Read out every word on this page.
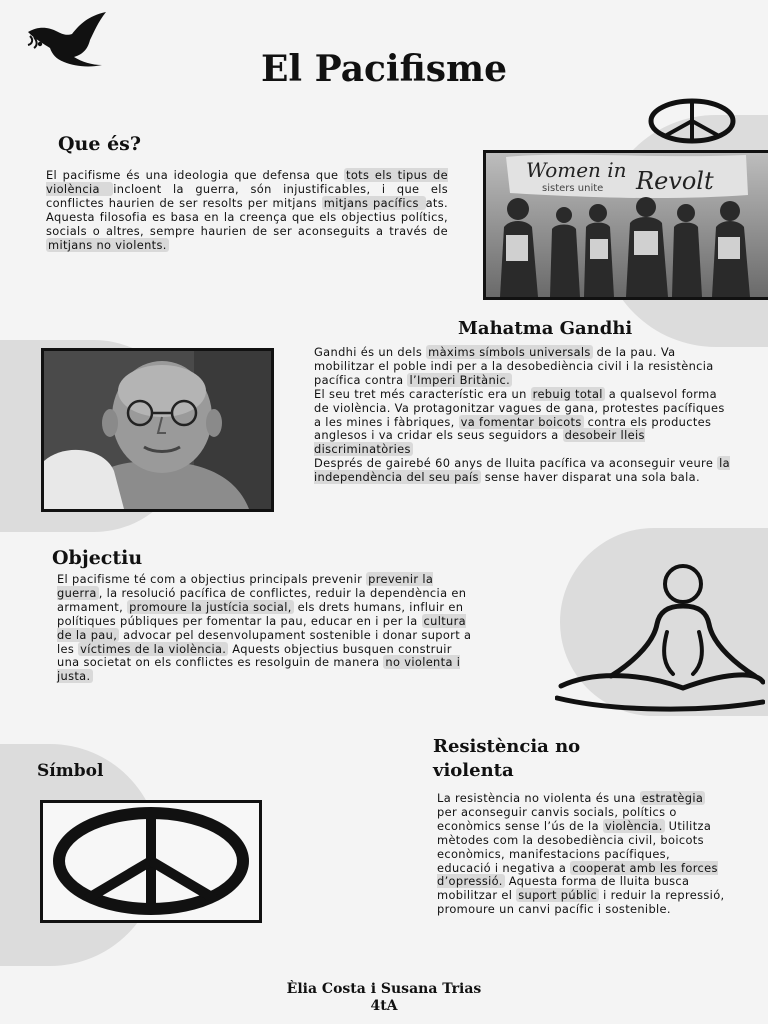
El Pacifisme
Que és?

El pacifisme és una ideologia que defensa que tots els tipus de violència incloent la guerra, són injustificables, i que els conflictes haurien de ser resolts per mitjans mitjans pacífics ats. Aquesta filosofia es basa en la creença que els objectius polítics, socials o altres, sempre haurien de ser aconseguits a través de mitjans no violents.

Women in Revolt
sisters unite
Mahatma Gandhi

Gandhi és un dels màxims símbols universals de la pau. Va mobilitzar el poble indi per a la desobediència civil i la resistència pacífica contra l’Imperi Britànic.

El seu tret més característic era un rebuig total a qualsevol forma de violència. Va protagonitzar vagues de gana, protestes pacífiques a les mines i fàbriques, va fomentar boicots contra els productes anglesos i va cridar els seus seguidors a desobeir lleis discriminatòries

Després de gairebé 60 anys de lluita pacífica va aconseguir veure la independència del seu país sense haver disparat una sola bala.

Objectiu

El pacifisme té com a objectius principals prevenir prevenir la guerra , la resolució pacífica de conflictes, reduir la dependència en armament, promoure la justícia social, els drets humans, influir en polítiques públiques per fomentar la pau, educar en i per la cultura de la pau, advocar pel desenvolupament sostenible i donar suport a les víctimes de la violència. Aquests objectius busquen construir una societat on els conflictes es resolguin de manera no violenta i justa.

Símbol
Resistència no
violenta

La resistència no violenta és una estratègia per aconseguir canvis socials, polítics o econòmics sense l’ús de la violència. Utilitza mètodes com la desobediència civil, boicots econòmics, manifestacions pacífiques, educació i negativa a cooperat amb les forces d’opressió. Aquesta forma de lluita busca mobilitzar el suport públic i reduir la repressió, promoure un canvi pacífic i sostenible.

Èlia Costa i Susana Trias
4tA
